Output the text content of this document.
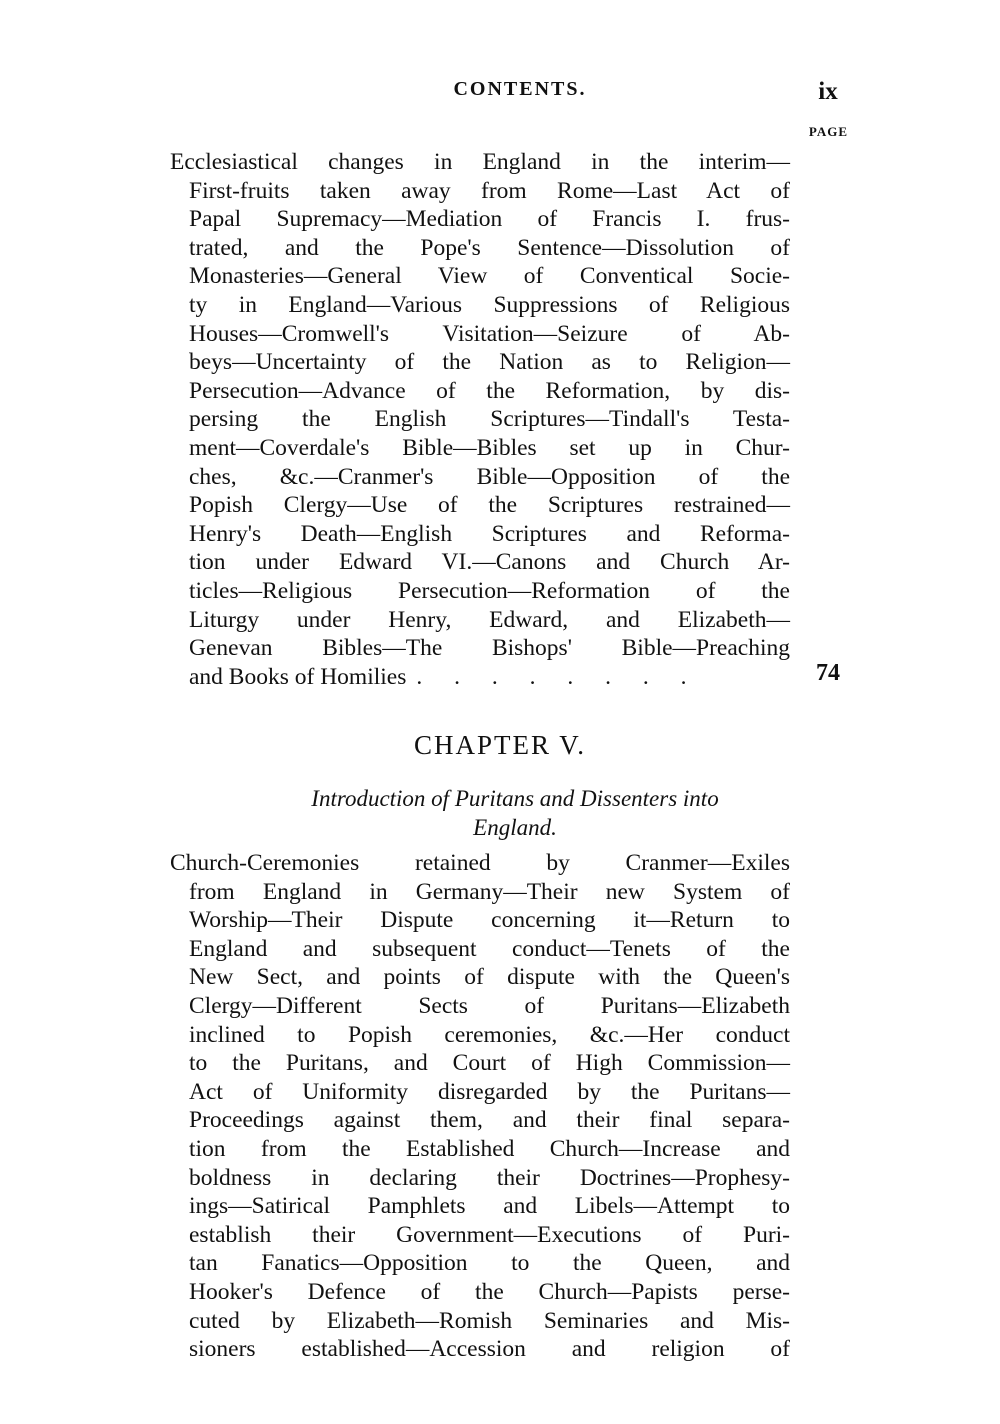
CONTENTS.	ix
PAGE
Ecclesiastical changes in England in the interim—
First-fruits taken away from Rome—Last Act of
Papal Supremacy—Mediation of Francis I. frus-
trated, and the Pope's Sentence—Dissolution of
Monasteries—General View of Conventical Socie-
ty in England—Various Suppressions of Religious
Houses—Cromwell's Visitation—Seizure of Ab-
beys—Uncertainty of the Nation as to Religion—
Persecution—Advance of the Reformation, by dis-
persing the English Scriptures—Tindall's Testa-
ment—Coverdale's Bible—Bibles set up in Chur-
ches, &c.—Cranmer's Bible—Opposition of the
Popish Clergy—Use of the Scriptures restrained—
Henry's Death—English Scriptures and Reforma-
tion under Edward VI.—Canons and Church Ar-
ticles—Religious Persecution—Reformation of the
Liturgy under Henry, Edward, and Elizabeth—
Genevan Bibles—The Bishops' Bible—Preaching
and Books of Homilies . . . . . . . .	74
CHAPTER V.
Introduction of Puritans and Dissenters into
England.
Church-Ceremonies retained by Cranmer—Exiles
from England in Germany—Their new System of
Worship—Their Dispute concerning it—Return to
England and subsequent conduct—Tenets of the
New Sect, and points of dispute with the Queen's
Clergy—Different Sects of Puritans—Elizabeth
inclined to Popish ceremonies, &c.—Her conduct
to the Puritans, and Court of High Commission—
Act of Uniformity disregarded by the Puritans—
Proceedings against them, and their final separa-
tion from the Established Church—Increase and
boldness in declaring their Doctrines—Prophesy-
ings—Satirical Pamphlets and Libels—Attempt to
establish their Government—Executions of Puri-
tan Fanatics—Opposition to the Queen, and
Hooker's Defence of the Church—Papists perse-
cuted by Elizabeth—Romish Seminaries and Mis-
sioners established—Accession and religion of
